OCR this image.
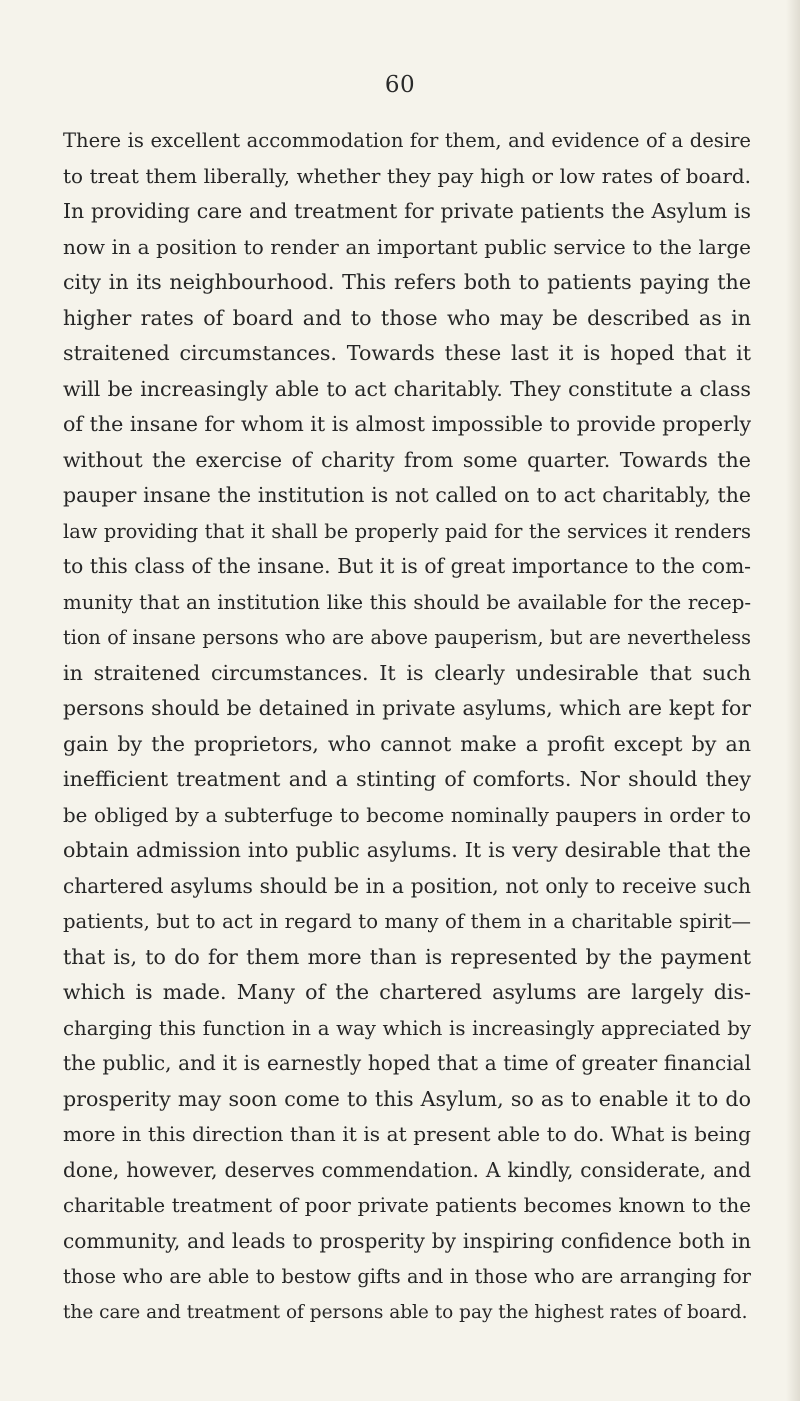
60
There is excellent accommodation for them, and evidence of a desire
to treat them liberally, whether they pay high or low rates of board.
In providing care and treatment for private patients the Asylum is
now in a position to render an important public service to the large
city in its neighbourhood. This refers both to patients paying the
higher rates of board and to those who may be described as in
straitened circumstances. Towards these last it is hoped that it
will be increasingly able to act charitably. They constitute a class
of the insane for whom it is almost impossible to provide properly
without the exercise of charity from some quarter. Towards the
pauper insane the institution is not called on to act charitably, the
law providing that it shall be properly paid for the services it renders
to this class of the insane. But it is of great importance to the com-
munity that an institution like this should be available for the recep-
tion of insane persons who are above pauperism, but are nevertheless
in straitened circumstances. It is clearly undesirable that such
persons should be detained in private asylums, which are kept for
gain by the proprietors, who cannot make a profit except by an
inefficient treatment and a stinting of comforts. Nor should they
be obliged by a subterfuge to become nominally paupers in order to
obtain admission into public asylums. It is very desirable that the
chartered asylums should be in a position, not only to receive such
patients, but to act in regard to many of them in a charitable spirit—
that is, to do for them more than is represented by the payment
which is made. Many of the chartered asylums are largely dis-
charging this function in a way which is increasingly appreciated by
the public, and it is earnestly hoped that a time of greater financial
prosperity may soon come to this Asylum, so as to enable it to do
more in this direction than it is at present able to do. What is being
done, however, deserves commendation. A kindly, considerate, and
charitable treatment of poor private patients becomes known to the
community, and leads to prosperity by inspiring confidence both in
those who are able to bestow gifts and in those who are arranging for
the care and treatment of persons able to pay the highest rates of board.
